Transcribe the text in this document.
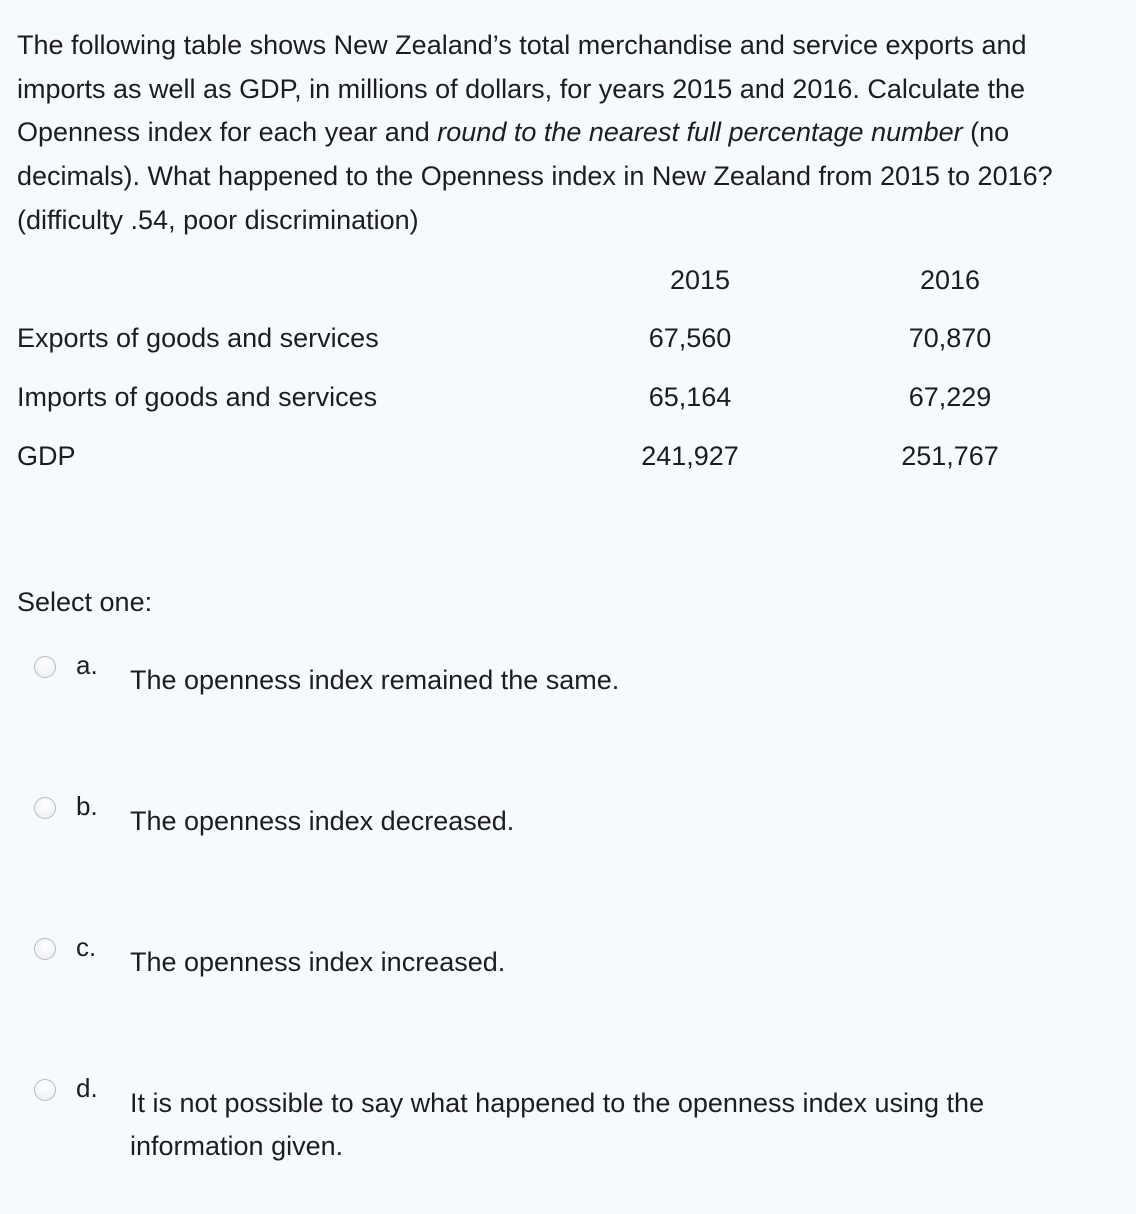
The following table shows New Zealand’s total merchandise and service exports and imports as well as GDP, in millions of dollars, for years 2015 and 2016. Calculate the Openness index for each year and round to the nearest full percentage number (no decimals). What happened to the Openness index in New Zealand from 2015 to 2016? (difficulty .54, poor discrimination)

2015	2016
Exports of goods and services	67,560	70,870
Imports of goods and services	65,164	67,229
GDP	241,927	251,767
Select one:
a. The openness index remained the same.
b. The openness index decreased.
c. The openness index increased.
d. It is not possible to say what happened to the openness index using the information given.
